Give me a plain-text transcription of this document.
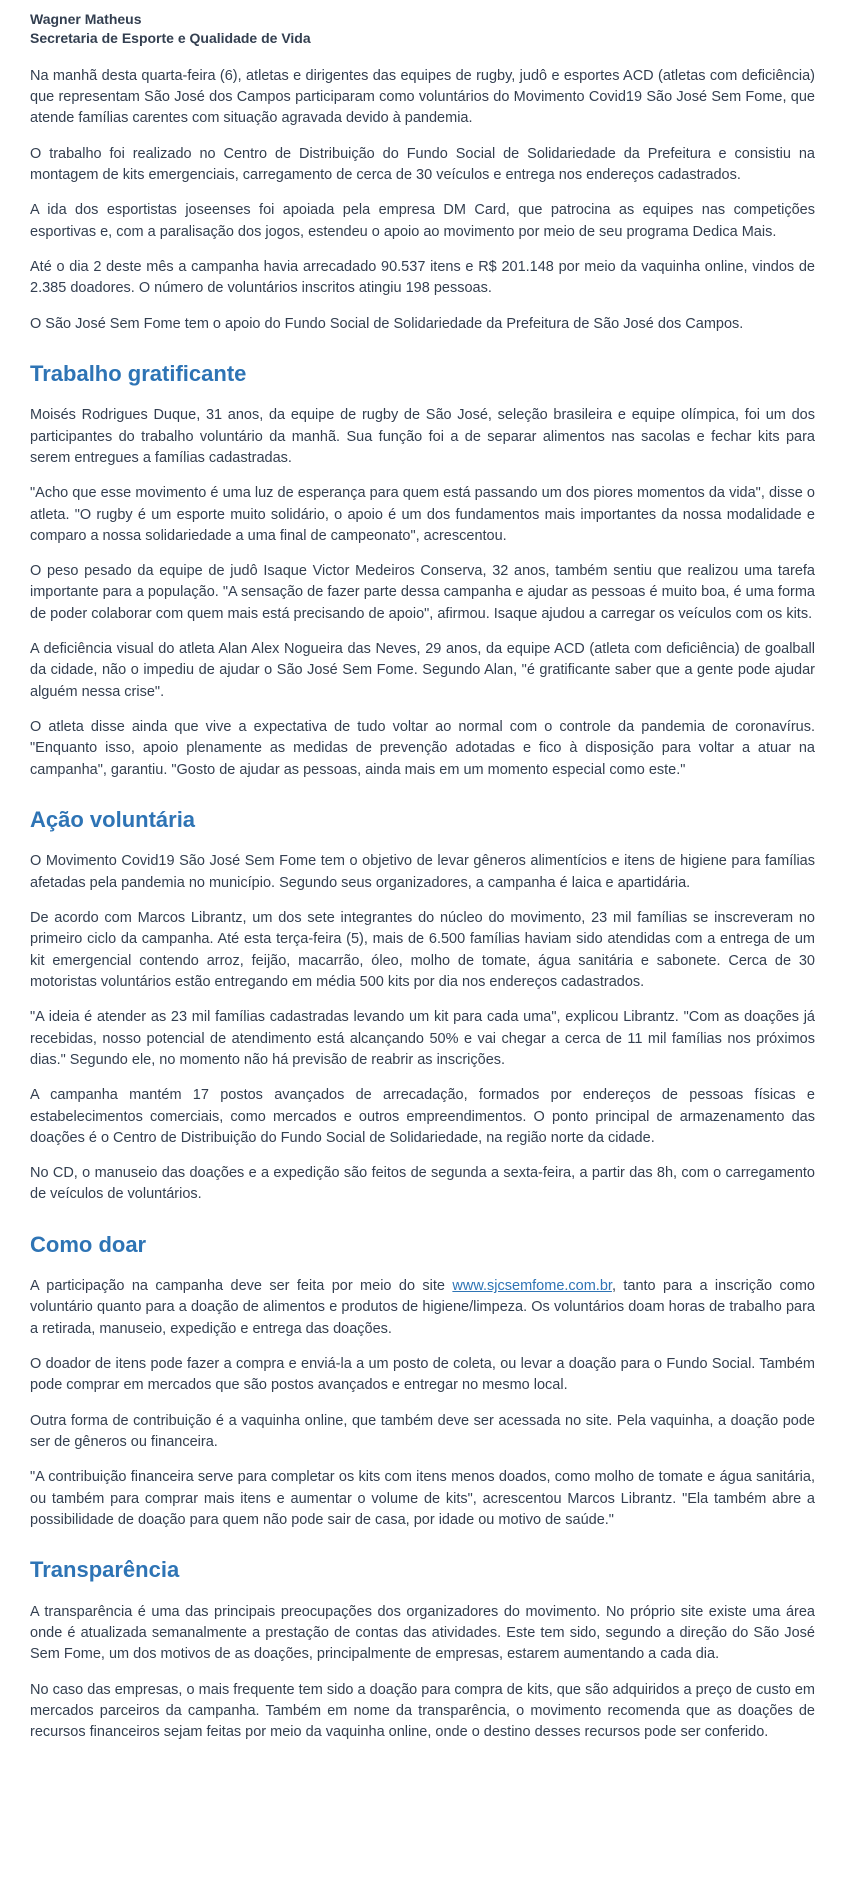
Wagner Matheus

Secretaria de Esporte e Qualidade de Vida

Na manhã desta quarta-feira (6), atletas e dirigentes das equipes de rugby, judô e esportes ACD (atletas com deficiência) que representam São José dos Campos participaram como voluntários do Movimento Covid19 São José Sem Fome, que atende famílias carentes com situação agravada devido à pandemia.

O trabalho foi realizado no Centro de Distribuição do Fundo Social de Solidariedade da Prefeitura e consistiu na montagem de kits emergenciais, carregamento de cerca de 30 veículos e entrega nos endereços cadastrados.

A ida dos esportistas joseenses foi apoiada pela empresa DM Card, que patrocina as equipes nas competições esportivas e, com a paralisação dos jogos, estendeu o apoio ao movimento por meio de seu programa Dedica Mais.

Até o dia 2 deste mês a campanha havia arrecadado 90.537 itens e R$ 201.148 por meio da vaquinha online, vindos de 2.385 doadores. O número de voluntários inscritos atingiu 198 pessoas.

O São José Sem Fome tem o apoio do Fundo Social de Solidariedade da Prefeitura de São José dos Campos.

Trabalho gratificante

Moisés Rodrigues Duque, 31 anos, da equipe de rugby de São José, seleção brasileira e equipe olímpica, foi um dos participantes do trabalho voluntário da manhã. Sua função foi a de separar alimentos nas sacolas e fechar kits para serem entregues a famílias cadastradas.

"Acho que esse movimento é uma luz de esperança para quem está passando um dos piores momentos da vida", disse o atleta. "O rugby é um esporte muito solidário, o apoio é um dos fundamentos mais importantes da nossa modalidade e comparo a nossa solidariedade a uma final de campeonato", acrescentou.

O peso pesado da equipe de judô Isaque Victor Medeiros Conserva, 32 anos, também sentiu que realizou uma tarefa importante para a população. "A sensação de fazer parte dessa campanha e ajudar as pessoas é muito boa, é uma forma de poder colaborar com quem mais está precisando de apoio", afirmou. Isaque ajudou a carregar os veículos com os kits.

A deficiência visual do atleta Alan Alex Nogueira das Neves, 29 anos, da equipe ACD (atleta com deficiência) de goalball da cidade, não o impediu de ajudar o São José Sem Fome. Segundo Alan, "é gratificante saber que a gente pode ajudar alguém nessa crise".

O atleta disse ainda que vive a expectativa de tudo voltar ao normal com o controle da pandemia de coronavírus. "Enquanto isso, apoio plenamente as medidas de prevenção adotadas e fico à disposição para voltar a atuar na campanha", garantiu. "Gosto de ajudar as pessoas, ainda mais em um momento especial como este."

Ação voluntária

O Movimento Covid19 São José Sem Fome tem o objetivo de levar gêneros alimentícios e itens de higiene para famílias afetadas pela pandemia no município. Segundo seus organizadores, a campanha é laica e apartidária.

De acordo com Marcos Librantz, um dos sete integrantes do núcleo do movimento, 23 mil famílias se inscreveram no primeiro ciclo da campanha. Até esta terça-feira (5), mais de 6.500 famílias haviam sido atendidas com a entrega de um kit emergencial contendo arroz, feijão, macarrão, óleo, molho de tomate, água sanitária e sabonete. Cerca de 30 motoristas voluntários estão entregando em média 500 kits por dia nos endereços cadastrados.

"A ideia é atender as 23 mil famílias cadastradas levando um kit para cada uma", explicou Librantz. "Com as doações já recebidas, nosso potencial de atendimento está alcançando 50% e vai chegar a cerca de 11 mil famílias nos próximos dias." Segundo ele, no momento não há previsão de reabrir as inscrições.

A campanha mantém 17 postos avançados de arrecadação, formados por endereços de pessoas físicas e estabelecimentos comerciais, como mercados e outros empreendimentos. O ponto principal de armazenamento das doações é o Centro de Distribuição do Fundo Social de Solidariedade, na região norte da cidade.

No CD, o manuseio das doações e a expedição são feitos de segunda a sexta-feira, a partir das 8h, com o carregamento de veículos de voluntários.

Como doar

A participação na campanha deve ser feita por meio do site www.sjcsemfome.com.br, tanto para a inscrição como voluntário quanto para a doação de alimentos e produtos de higiene/limpeza. Os voluntários doam horas de trabalho para a retirada, manuseio, expedição e entrega das doações.

O doador de itens pode fazer a compra e enviá-la a um posto de coleta, ou levar a doação para o Fundo Social. Também pode comprar em mercados que são postos avançados e entregar no mesmo local.

Outra forma de contribuição é a vaquinha online, que também deve ser acessada no site. Pela vaquinha, a doação pode ser de gêneros ou financeira.

"A contribuição financeira serve para completar os kits com itens menos doados, como molho de tomate e água sanitária, ou também para comprar mais itens e aumentar o volume de kits", acrescentou Marcos Librantz. "Ela também abre a possibilidade de doação para quem não pode sair de casa, por idade ou motivo de saúde."

Transparência

A transparência é uma das principais preocupações dos organizadores do movimento. No próprio site existe uma área onde é atualizada semanalmente a prestação de contas das atividades. Este tem sido, segundo a direção do São José Sem Fome, um dos motivos de as doações, principalmente de empresas, estarem aumentando a cada dia.

No caso das empresas, o mais frequente tem sido a doação para compra de kits, que são adquiridos a preço de custo em mercados parceiros da campanha. Também em nome da transparência, o movimento recomenda que as doações de recursos financeiros sejam feitas por meio da vaquinha online, onde o destino desses recursos pode ser conferido.
